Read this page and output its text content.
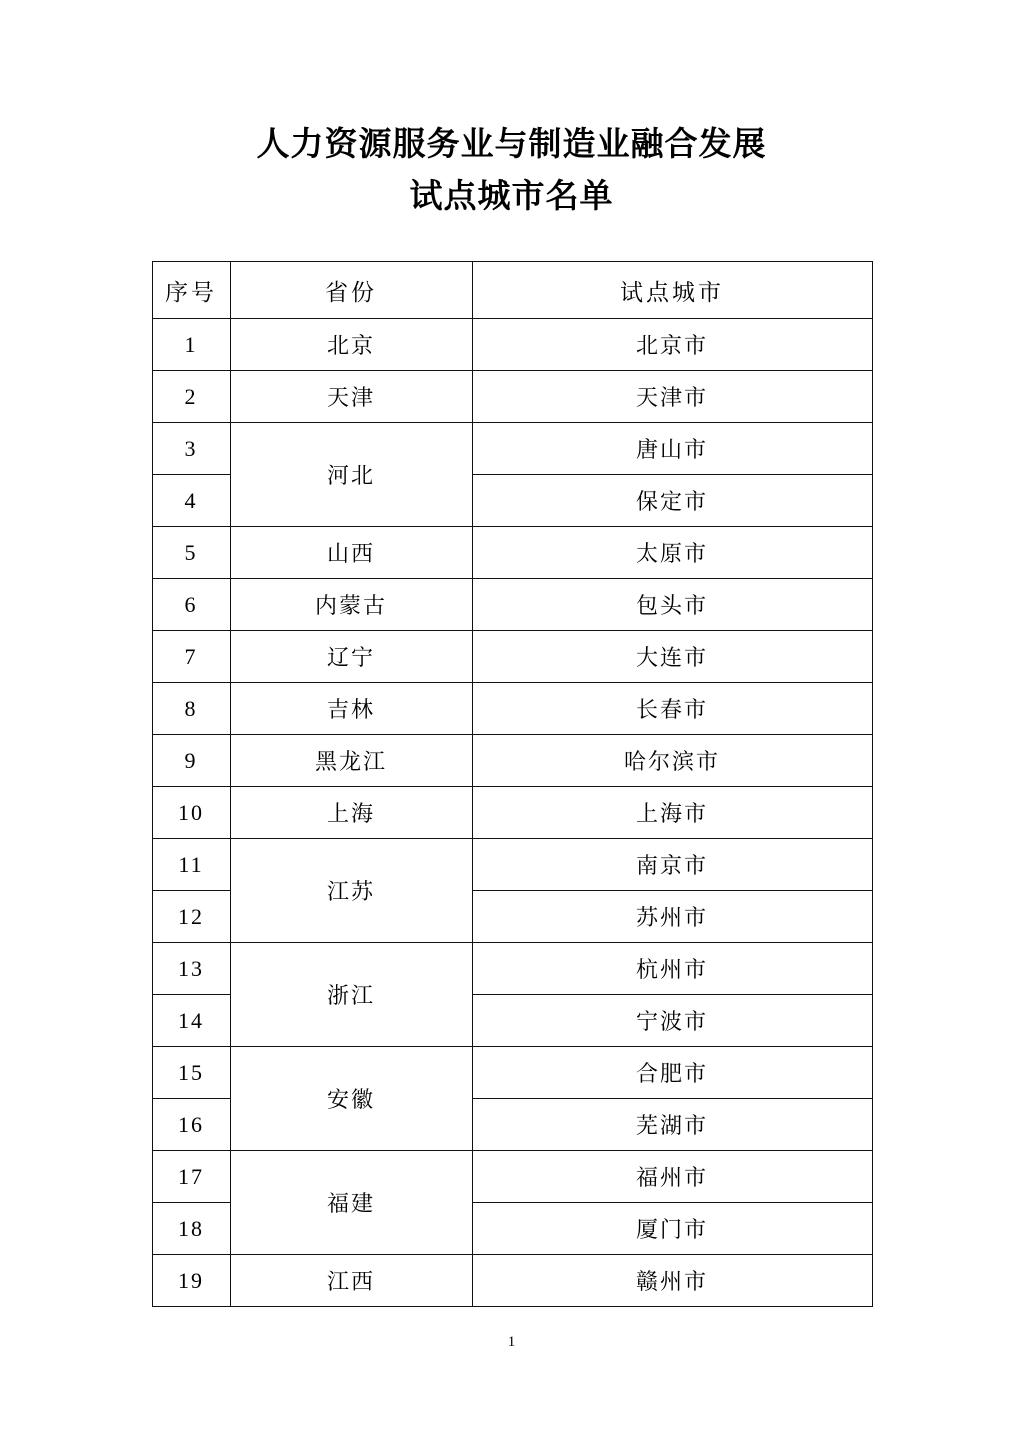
人力资源服务业与制造业融合发展
试点城市名单
序号	省份	试点城市
1	北京	北京市
2	天津	天津市
3	河北	唐山市
4		保定市
5	山西	太原市
6	内蒙古	包头市
7	辽宁	大连市
8	吉林	长春市
9	黑龙江	哈尔滨市
10	上海	上海市
11	江苏	南京市
12		苏州市
13	浙江	杭州市
14		宁波市
15	安徽	合肥市
16		芜湖市
17	福建	福州市
18		厦门市
19	江西	赣州市
1
